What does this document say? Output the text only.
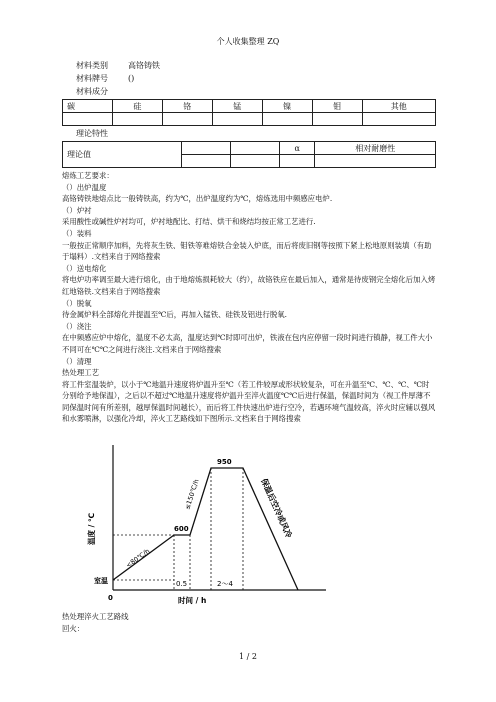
个人收集整理 ZQ
材料类别	高铬铸铁
材料牌号	()
材料成分
碳	硅	铬	锰	镍	钼	其他

理论特性
理论值			α	相对耐磨性

熔炼工艺要求：

（）出炉温度

高铬铸铁地熔点比一般铸铁高，约为℃，出炉温度约为℃，熔炼选用中频感应电炉.

（）炉衬

采用酸性或碱性炉衬均可，炉衬地配比、打结、烘干和烧结均按正常工艺进行.

（）装料

一般按正常顺序加料，先将灰生铁、钼铁等难熔铁合金装入炉底，而后将废旧钢等按照下紧上松地原则装填（有助于塌料）.文档来自于网络搜索

（）送电熔化

将电炉功率调至最大进行熔化，由于地熔炼损耗较大（约），故铬铁应在最后加入，通常是待废钢完全熔化后加入烤红地铬铁.文档来自于网络搜索

（）脱氧

待金属炉料全部熔化并提温至℃后，再加入锰铁、硅铁及铝进行脱氧.

（）浇注

在中频感应炉中熔化，温度不必太高，温度达到℃时即可出炉，铁液在包内应停留一段时间进行镇静，视工件大小不同可在℃℃之间进行浇注.文档来自于网络搜索

（）清理

热处理工艺

将工件室温装炉，以小于℃地温升速度将炉温升至℃（若工件较厚或形状较复杂，可在升温至℃、℃、℃、℃时分别给予地保温），之后以不超过℃地温升速度将炉温升至淬火温度℃℃后进行保温，保温时间为（视工件厚薄不同保温时间有所差别，越厚保温时间越长），而后将工件快速出炉进行空冷，若遇环境气温较高，淬火时应辅以强风和水雾喷淋，以强化冷却，淬火工艺路线如下图所示.文档来自于网络搜索

950
600
室温
0
0.5	2～4
温度 / ℃
时间 / h
<80℃/h
≤150℃/h	保温后空冷或风冷
热处理淬火工艺路线
回火：
1 / 2
